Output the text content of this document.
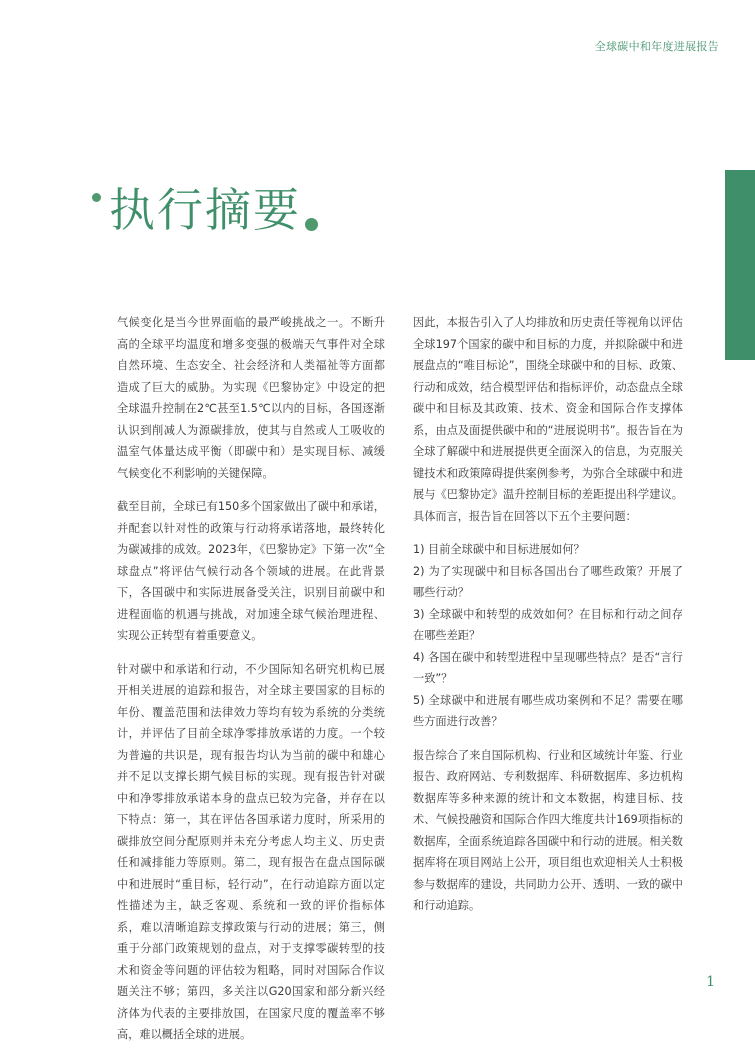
全球碳中和年度进展报告
执行摘要

气候变化是当今世界面临的最严峻挑战之一。不断升高的全球平均温度和增多变强的极端天气事件对全球自然环境、生态安全、社会经济和人类福祉等方面都造成了巨大的威胁。为实现《巴黎协定》中设定的把全球温升控制在2℃甚至1.5℃以内的目标，各国逐渐认识到削减人为源碳排放，使其与自然或人工吸收的温室气体量达成平衡（即碳中和）是实现目标、减缓气候变化不利影响的关键保障。

截至目前，全球已有150多个国家做出了碳中和承诺，并配套以针对性的政策与行动将承诺落地，最终转化为碳减排的成效。2023年，《巴黎协定》下第一次“全球盘点”将评估气候行动各个领域的进展。在此背景下，各国碳中和实际进展备受关注，识别目前碳中和进程面临的机遇与挑战，对加速全球气候治理进程、实现公正转型有着重要意义。

针对碳中和承诺和行动，不少国际知名研究机构已展开相关进展的追踪和报告，对全球主要国家的目标的年份、覆盖范围和法律效力等均有较为系统的分类统计，并评估了目前全球净零排放承诺的力度。一个较为普遍的共识是，现有报告均认为当前的碳中和雄心并不足以支撑长期气候目标的实现。现有报告针对碳中和净零排放承诺本身的盘点已较为完备，并存在以下特点：第一，其在评估各国承诺力度时，所采用的碳排放空间分配原则并未充分考虑人均主义、历史责任和减排能力等原则。第二，现有报告在盘点国际碳中和进展时“重目标，轻行动”，在行动追踪方面以定性描述为主，缺乏客观、系统和一致的评价指标体系，难以清晰追踪支撑政策与行动的进展；第三，侧重于分部门政策规划的盘点，对于支撑零碳转型的技术和资金等问题的评估较为粗略，同时对国际合作议题关注不够；第四，多关注以G20国家和部分新兴经济体为代表的主要排放国，在国家尺度的覆盖率不够高，难以概括全球的进展。

因此，本报告引入了人均排放和历史责任等视角以评估全球197个国家的碳中和目标的力度，并拟除碳中和进展盘点的“唯目标论”，围绕全球碳中和的目标、政策、行动和成效，结合模型评估和指标评价，动态盘点全球碳中和目标及其政策、技术、资金和国际合作支撑体系，由点及面提供碳中和的“进展说明书”。报告旨在为全球了解碳中和进展提供更全面深入的信息，为克服关键技术和政策障碍提供案例参考，为弥合全球碳中和进展与《巴黎协定》温升控制目标的差距提出科学建议。具体而言，报告旨在回答以下五个主要问题：

1) 目前全球碳中和目标进展如何？
2) 为了实现碳中和目标各国出台了哪些政策？开展了哪些行动？
3) 全球碳中和转型的成效如何？在目标和行动之间存在哪些差距？
4) 各国在碳中和转型进程中呈现哪些特点？是否“言行一致”？
5) 全球碳中和进展有哪些成功案例和不足？需要在哪些方面进行改善？

报告综合了来自国际机构、行业和区域统计年鉴、行业报告、政府网站、专利数据库、科研数据库、多边机构数据库等多种来源的统计和文本数据，构建目标、技术、气候投融资和国际合作四大维度共计169项指标的数据库，全面系统追踪各国碳中和行动的进展。相关数据库将在项目网站上公开，项目组也欢迎相关人士积极参与数据库的建设，共同助力公开、透明、一致的碳中和行动追踪。

1
